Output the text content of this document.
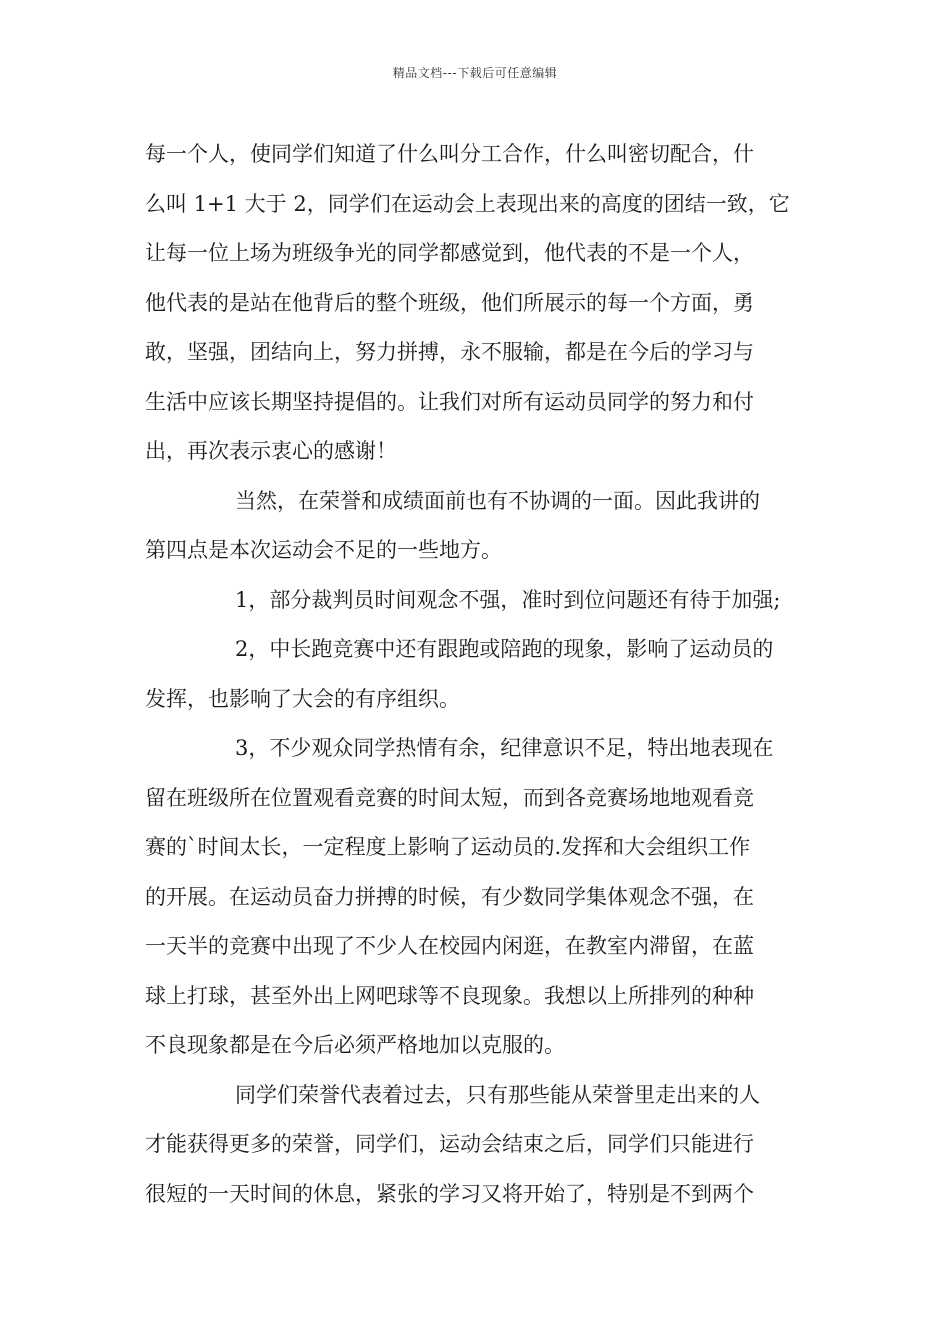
精品文档---下载后可任意编辑
每一个人，使同学们知道了什么叫分工合作，什么叫密切配合，什
么叫 1+1 大于 2，同学们在运动会上表现出来的高度的团结一致，它
让每一位上场为班级争光的同学都感觉到，他代表的不是一个人，
他代表的是站在他背后的整个班级，他们所展示的每一个方面，勇
敢，坚强，团结向上，努力拼搏，永不服输，都是在今后的学习与
生活中应该长期坚持提倡的。让我们对所有运动员同学的努力和付
出，再次表示衷心的感谢！
当然，在荣誉和成绩面前也有不协调的一面。因此我讲的
第四点是本次运动会不足的一些地方。
1，部分裁判员时间观念不强，准时到位问题还有待于加强;
2，中长跑竞赛中还有跟跑或陪跑的现象，影响了运动员的
发挥，也影响了大会的有序组织。
3，不少观众同学热情有余，纪律意识不足，特出地表现在
留在班级所在位置观看竞赛的时间太短，而到各竞赛场地地观看竞
赛的`时间太长，一定程度上影响了运动员的.发挥和大会组织工作
的开展。在运动员奋力拼搏的时候，有少数同学集体观念不强，在
一天半的竞赛中出现了不少人在校园内闲逛，在教室内滞留，在蓝
球上打球，甚至外出上网吧球等不良现象。我想以上所排列的种种
不良现象都是在今后必须严格地加以克服的。
同学们荣誉代表着过去，只有那些能从荣誉里走出来的人
才能获得更多的荣誉，同学们，运动会结束之后，同学们只能进行
很短的一天时间的休息，紧张的学习又将开始了，特别是不到两个
